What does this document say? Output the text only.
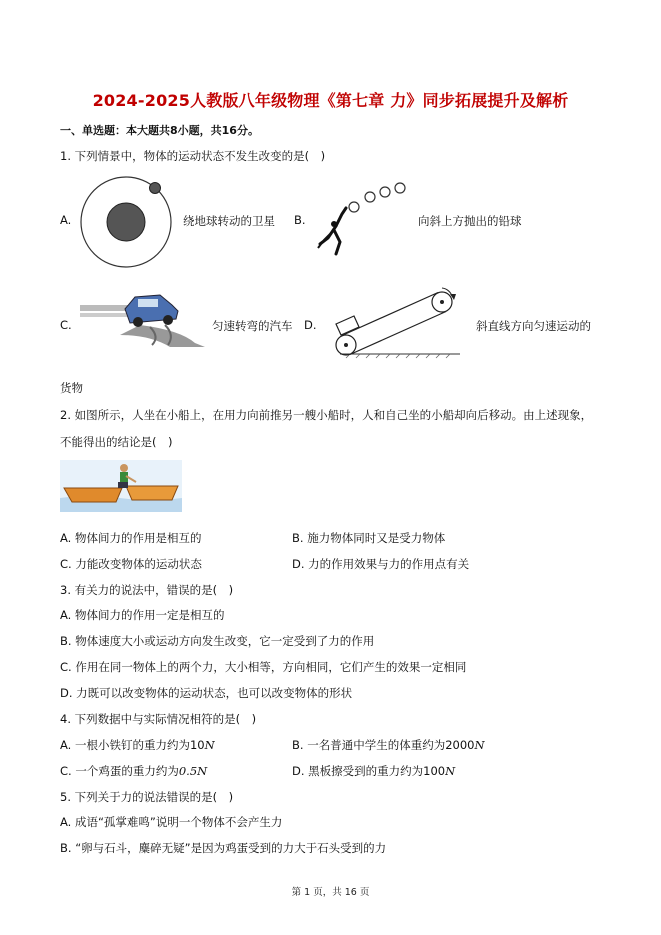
2024-2025人教版八年级物理《第七章 力》同步拓展提升及解析
一、单选题：本大题共8小题，共16分。
1. 下列情景中，物体的运动状态不发生改变的是(　)
A.	绕地球转动的卫星 B.	向斜上方抛出的铅球
C.	匀速转弯的汽车 D.	斜直线方向匀速运动的
货物
2. 如图所示，人坐在小船上，在用力向前推另一艘小船时，人和自己坐的小船却向后移动。由上述现象，
不能得出的结论是(　)
A. 物体间力的作用是相互的	B. 施力物体同时又是受力物体
C. 力能改变物体的运动状态	D. 力的作用效果与力的作用点有关
3. 有关力的说法中，错误的是(　)
A. 物体间力的作用一定是相互的
B. 物体速度大小或运动方向发生改变，它一定受到了力的作用
C. 作用在同一物体上的两个力，大小相等，方向相同，它们产生的效果一定相同
D. 力既可以改变物体的运动状态，也可以改变物体的形状
4. 下列数据中与实际情况相符的是(　)
A. 一根小铁钉的重力约为10N	B. 一名普通中学生的体重约为2000N
C. 一个鸡蛋的重力约为0.5N	D. 黑板擦受到的重力约为100N
5. 下列关于力的说法错误的是(　)
A. 成语“孤掌难鸣”说明一个物体不会产生力
B. “卵与石斗，麋碎无疑”是因为鸡蛋受到的力大于石头受到的力
第 1 页，共 16 页
